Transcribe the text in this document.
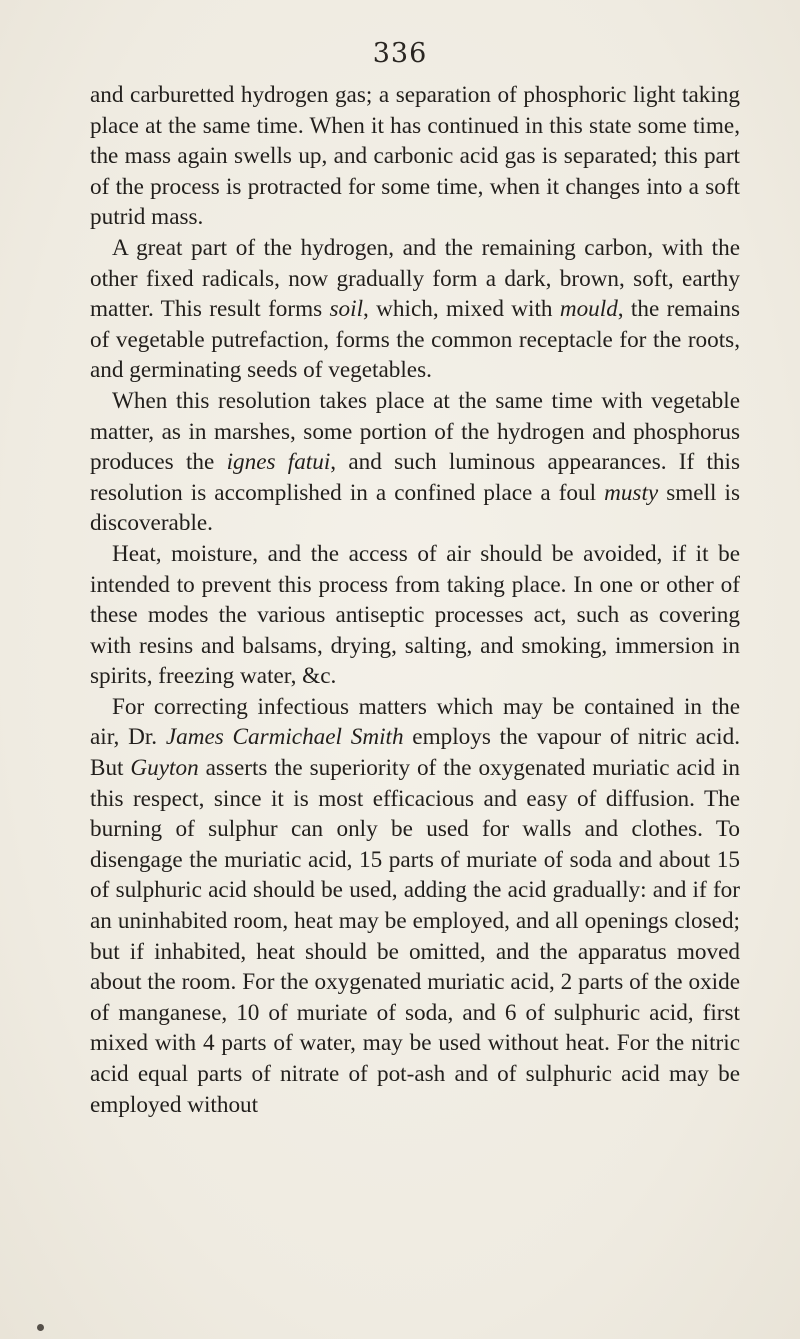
336

and carburetted hydrogen gas; a separation of phosphoric light taking place at the same time. When it has continued in this state some time, the mass again swells up, and carbonic acid gas is separated; this part of the process is protracted for some time, when it changes into a soft putrid mass.

A great part of the hydrogen, and the remaining carbon, with the other fixed radicals, now gradually form a dark, brown, soft, earthy matter. This result forms soil, which, mixed with mould, the remains of vegetable putrefaction, forms the common receptacle for the roots, and germinating seeds of vegetables.

When this resolution takes place at the same time with vegetable matter, as in marshes, some portion of the hydrogen and phosphorus produces the ignes fatui, and such luminous appearances. If this resolution is accomplished in a confined place a foul musty smell is discoverable.

Heat, moisture, and the access of air should be avoided, if it be intended to prevent this process from taking place. In one or other of these modes the various antiseptic processes act, such as covering with resins and balsams, drying, salting, and smoking, immersion in spirits, freezing water, &c.

For correcting infectious matters which may be contained in the air, Dr. James Carmichael Smith employs the vapour of nitric acid. But Guyton asserts the superiority of the oxygenated muriatic acid in this respect, since it is most efficacious and easy of diffusion. The burning of sulphur can only be used for walls and clothes. To disengage the muriatic acid, 15 parts of muriate of soda and about 15 of sulphuric acid should be used, adding the acid gradually: and if for an uninhabited room, heat may be employed, and all openings closed; but if inhabited, heat should be omitted, and the apparatus moved about the room. For the oxygenated muriatic acid, 2 parts of the oxide of manganese, 10 of muriate of soda, and 6 of sulphuric acid, first mixed with 4 parts of water, may be used without heat. For the nitric acid equal parts of nitrate of pot-ash and of sulphuric acid may be employed without
